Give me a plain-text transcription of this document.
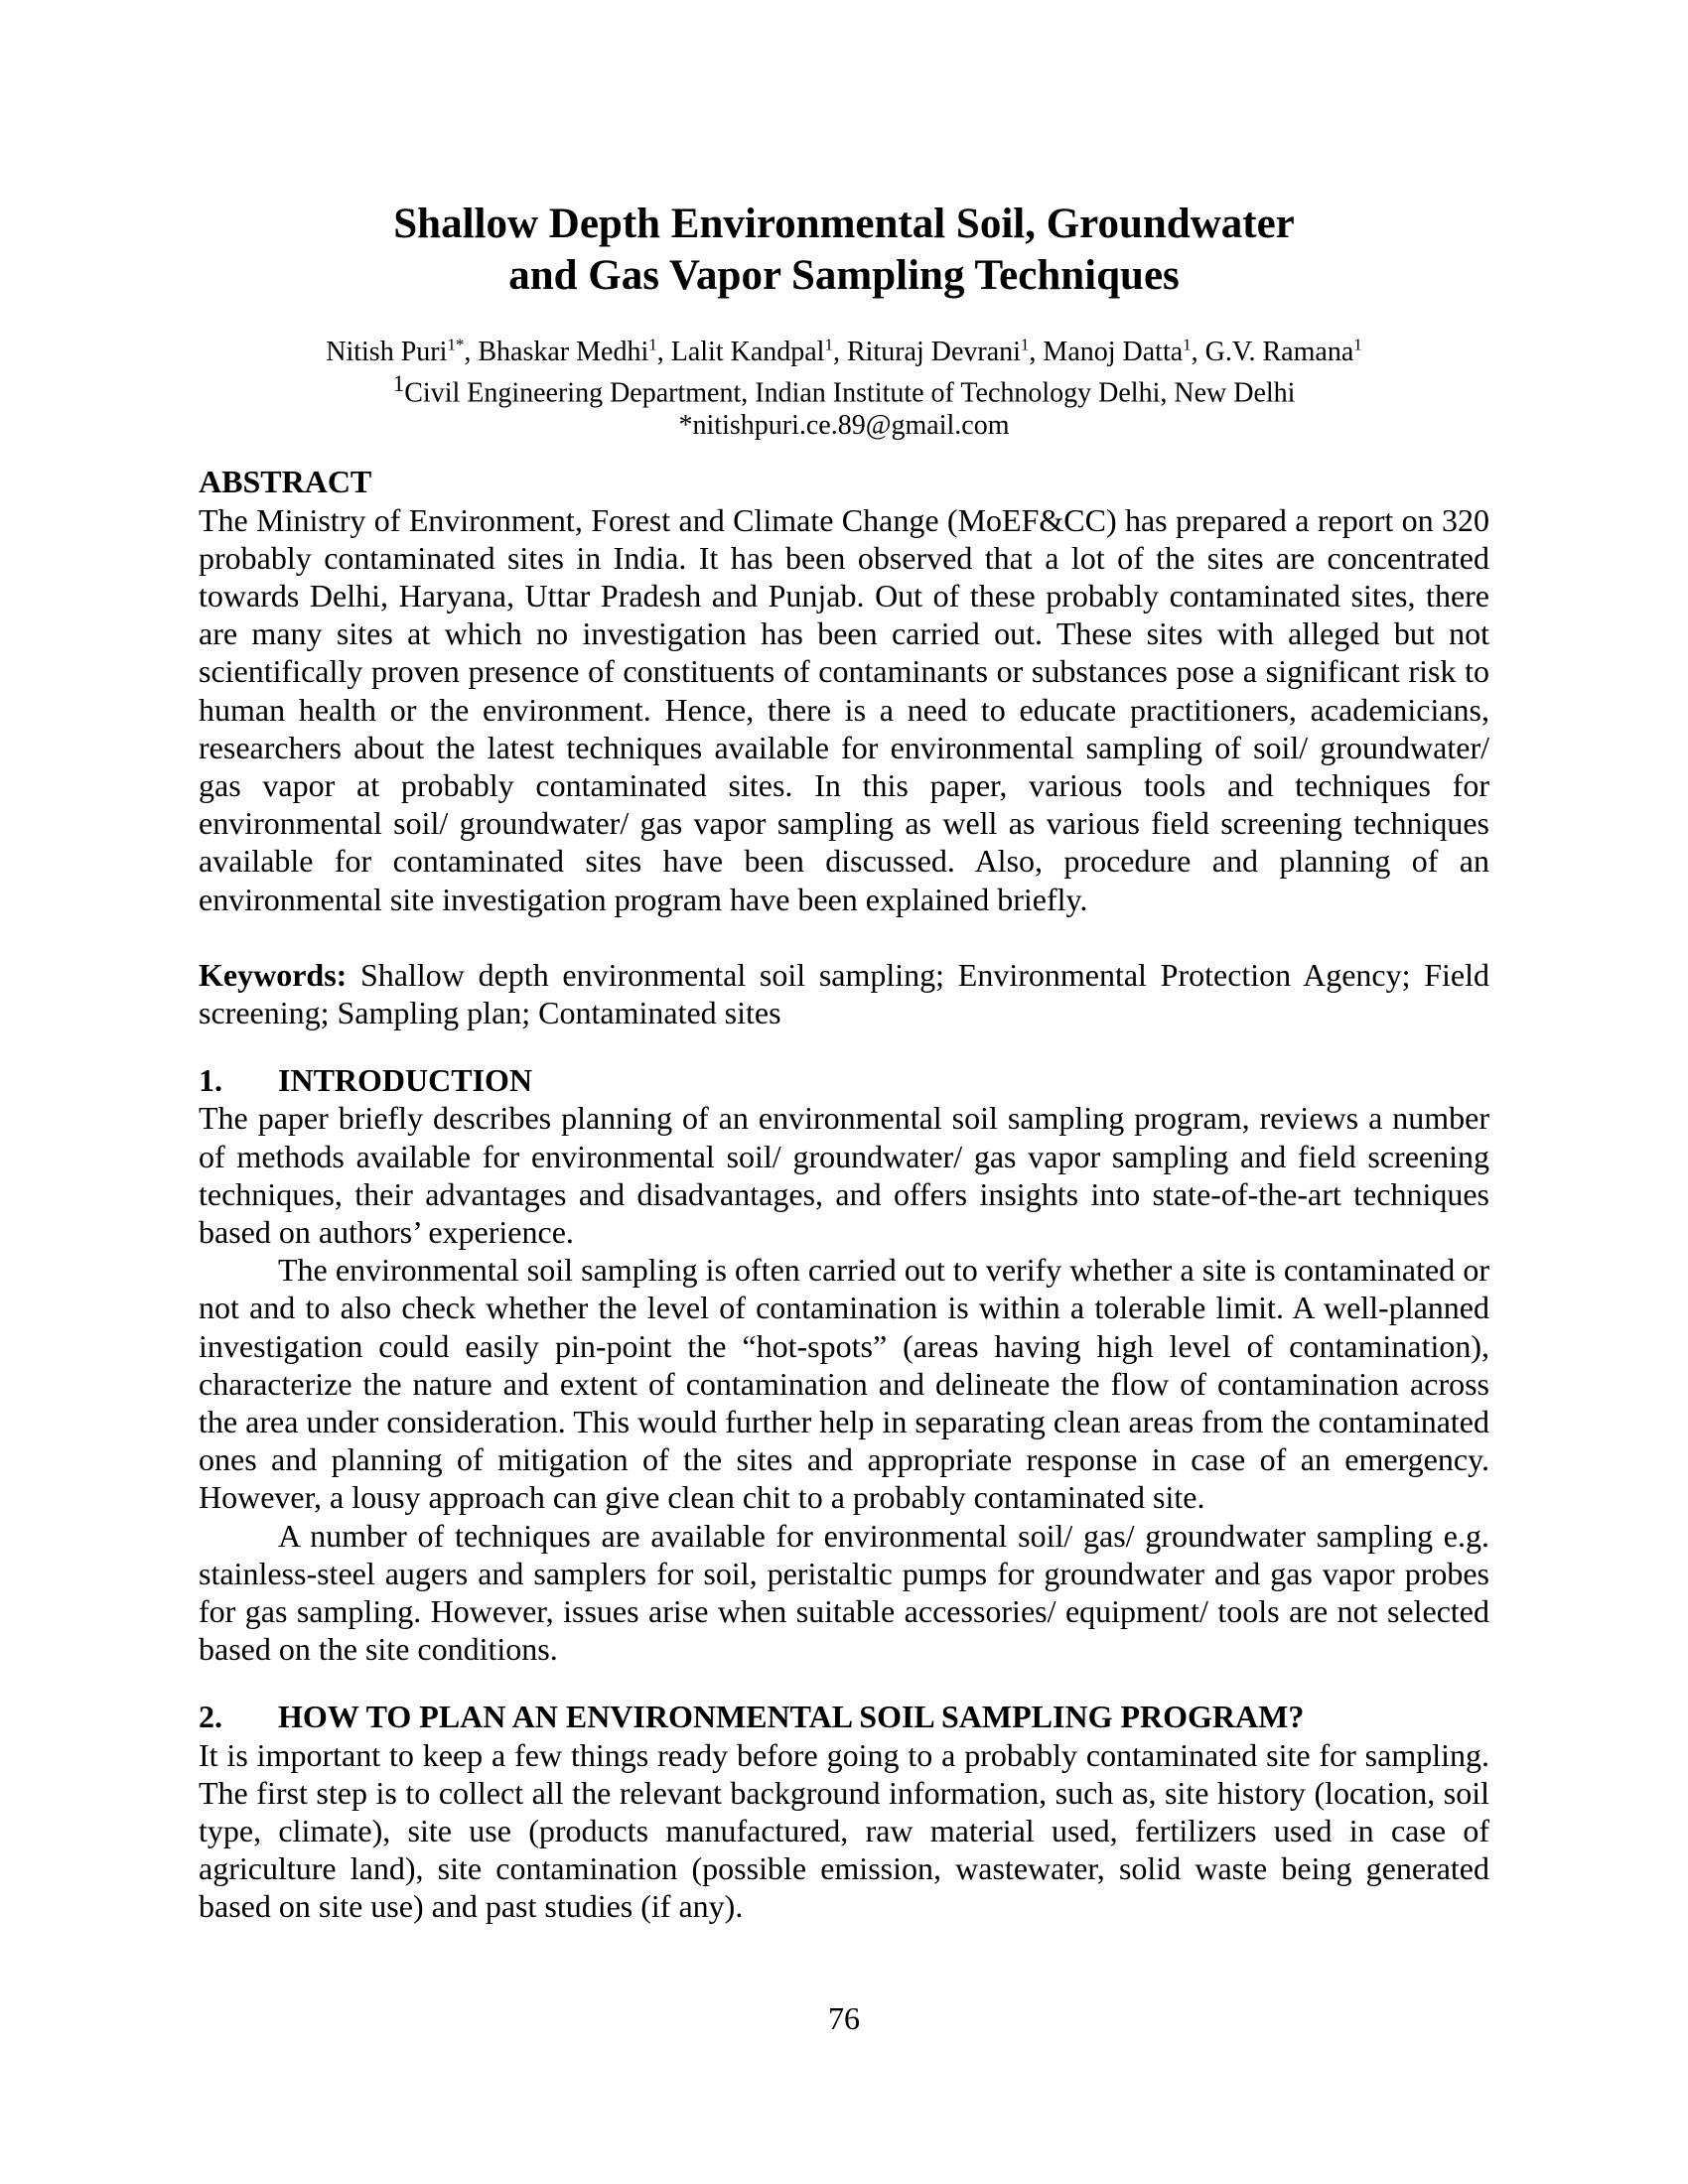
Shallow Depth Environmental Soil, Groundwater
and Gas Vapor Sampling Techniques
Nitish Puri$^{1*}$, Bhaskar Medhi$^1$, Lalit Kandpal$^1$, Rituraj Devrani$^1$, Manoj Datta$^1$, G.V. Ramana$^1$
$^1$Civil Engineering Department, Indian Institute of Technology Delhi, New Delhi
*nitishpuri.ce.89@gmail.com
ABSTRACT

The Ministry of Environment, Forest and Climate Change (MoEF&CC) has prepared a report on 320 probably contaminated sites in India. It has been observed that a lot of the sites are concentrated towards Delhi, Haryana, Uttar Pradesh and Punjab. Out of these probably contaminated sites, there are many sites at which no investigation has been carried out. These sites with alleged but not scientifically proven presence of constituents of contaminants or substances pose a significant risk to human health or the environment. Hence, there is a need to educate practitioners, academicians, researchers about the latest techniques available for environmental sampling of soil/ groundwater/ gas vapor at probably contaminated sites. In this paper, various tools and techniques for environmental soil/ groundwater/ gas vapor sampling as well as various field screening techniques available for contaminated sites have been discussed. Also, procedure and planning of an environmental site investigation program have been explained briefly.

Keywords: Shallow depth environmental soil sampling; Environmental Protection Agency; Field screening; Sampling plan; Contaminated sites

1. INTRODUCTION

The paper briefly describes planning of an environmental soil sampling program, reviews a number of methods available for environmental soil/ groundwater/ gas vapor sampling and field screening techniques, their advantages and disadvantages, and offers insights into state-of-the-art techniques based on authors’ experience.

The environmental soil sampling is often carried out to verify whether a site is contaminated or not and to also check whether the level of contamination is within a tolerable limit. A well-planned investigation could easily pin-point the “hot-spots” (areas having high level of contamination), characterize the nature and extent of contamination and delineate the flow of contamination across the area under consideration. This would further help in separating clean areas from the contaminated ones and planning of mitigation of the sites and appropriate response in case of an emergency. However, a lousy approach can give clean chit to a probably contaminated site.

A number of techniques are available for environmental soil/ gas/ groundwater sampling e.g. stainless-steel augers and samplers for soil, peristaltic pumps for groundwater and gas vapor probes for gas sampling. However, issues arise when suitable accessories/ equipment/ tools are not selected based on the site conditions.

2. HOW TO PLAN AN ENVIRONMENTAL SOIL SAMPLING PROGRAM?

It is important to keep a few things ready before going to a probably contaminated site for sampling. The first step is to collect all the relevant background information, such as, site history (location, soil type, climate), site use (products manufactured, raw material used, fertilizers used in case of agriculture land), site contamination (possible emission, wastewater, solid waste being generated based on site use) and past studies (if any).

76
